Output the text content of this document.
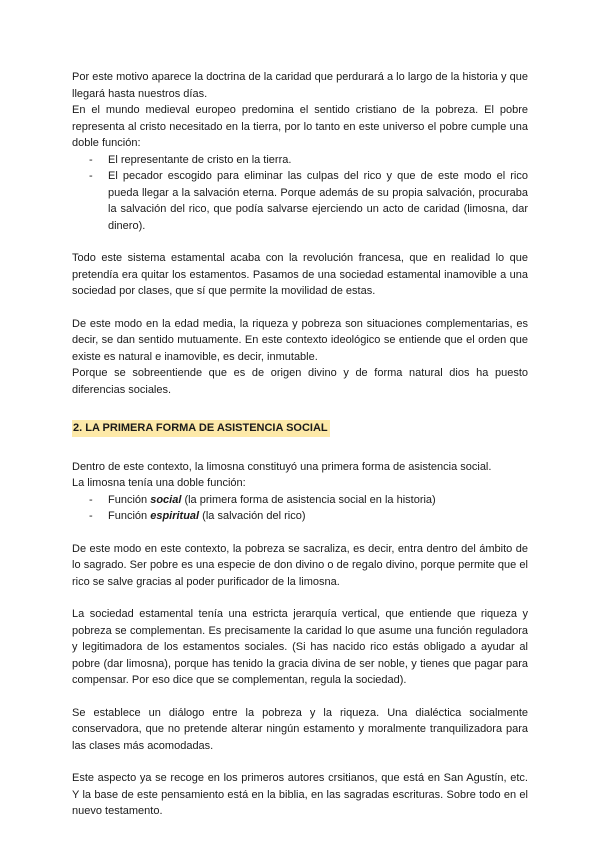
Por este motivo aparece la doctrina de la caridad que perdurará a lo largo de la historia y que llegará hasta nuestros días.

En el mundo medieval europeo predomina el sentido cristiano de la pobreza. El pobre representa al cristo necesitado en la tierra, por lo tanto en este universo el pobre cumple una doble función:

- El representante de cristo en la tierra.
- El pecador escogido para eliminar las culpas del rico y que de este modo el rico pueda llegar a la salvación eterna. Porque además de su propia salvación, procuraba la salvación del rico, que podía salvarse ejerciendo un acto de caridad (limosna, dar dinero).

Todo este sistema estamental acaba con la revolución francesa, que en realidad lo que pretendía era quitar los estamentos. Pasamos de una sociedad estamental inamovible a una sociedad por clases, que sí que permite la movilidad de estas.

De este modo en la edad media, la riqueza y pobreza son situaciones complementarias, es decir, se dan sentido mutuamente. En este contexto ideológico se entiende que el orden que existe es natural e inamovible, es decir, inmutable.

Porque se sobreentiende que es de origen divino y de forma natural dios ha puesto diferencias sociales.

2. LA PRIMERA FORMA DE ASISTENCIA SOCIAL

Dentro de este contexto, la limosna constituyó una primera forma de asistencia social.

La limosna tenía una doble función:

- Función social (la primera forma de asistencia social en la historia)
- Función espiritual (la salvación del rico)

De este modo en este contexto, la pobreza se sacraliza, es decir, entra dentro del ámbito de lo sagrado. Ser pobre es una especie de don divino o de regalo divino, porque permite que el rico se salve gracias al poder purificador de la limosna.

La sociedad estamental tenía una estricta jerarquía vertical, que entiende que riqueza y pobreza se complementan. Es precisamente la caridad lo que asume una función reguladora y legitimadora de los estamentos sociales. (Si has nacido rico estás obligado a ayudar al pobre (dar limosna), porque has tenido la gracia divina de ser noble, y tienes que pagar para compensar. Por eso dice que se complementan, regula la sociedad).

Se establece un diálogo entre la pobreza y la riqueza. Una dialéctica socialmente conservadora, que no pretende alterar ningún estamento y moralmente tranquilizadora para las clases más acomodadas.

Este aspecto ya se recoge en los primeros autores crsitianos, que está en San Agustín, etc. Y la base de este pensamiento está en la biblia, en las sagradas escrituras. Sobre todo en el nuevo testamento.
